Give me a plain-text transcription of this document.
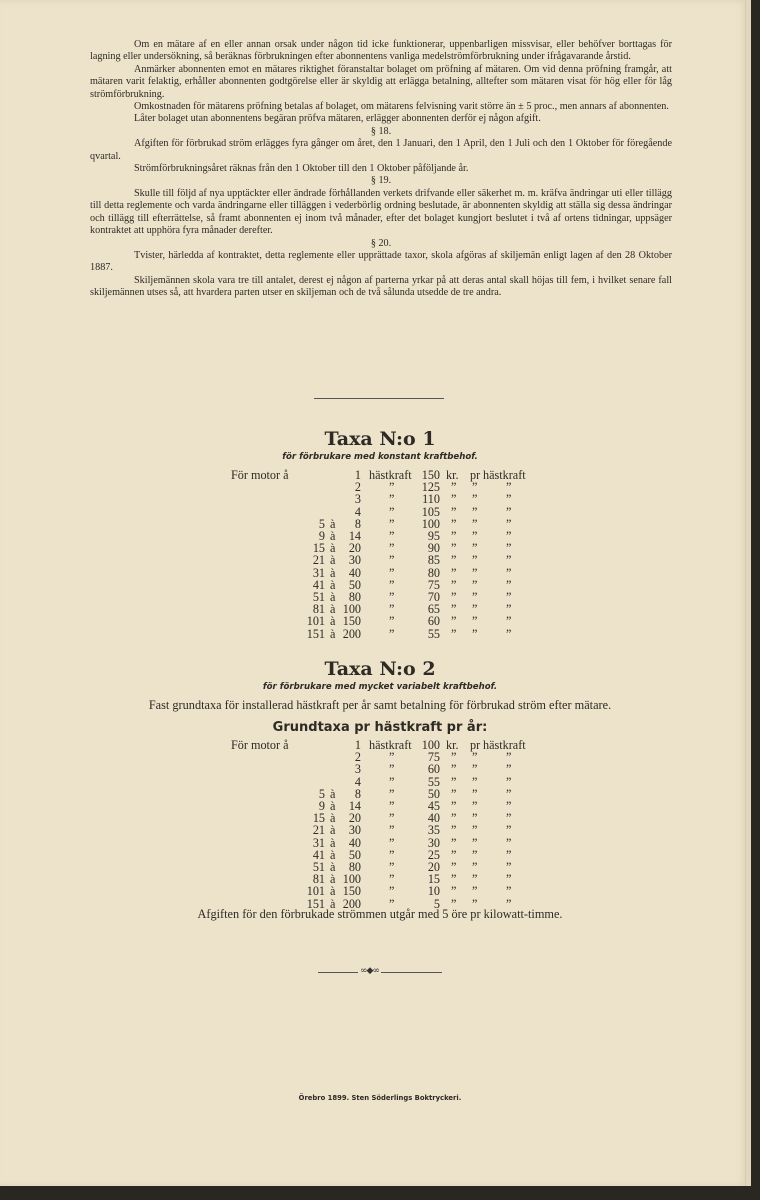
Om en mätare af en eller annan orsak under någon tid icke funktionerar, uppenbarligen missvisar, eller behöfver borttagas för lagning eller undersökning, så beräknas förbrukningen efter abonnentens vanliga medelströmförbrukning under ifrågavarande årstid.

Anmärker abonnenten emot en mätares riktighet föranstaltar bolaget om pröfning af mätaren. Om vid denna pröfning framgår, att mätaren varit felaktig, erhåller abonnenten godtgörelse eller är skyldig att erlägga betalning, alltefter som mätaren visat för hög eller för låg strömförbrukning.

Omkostnaden för mätarens pröfning betalas af bolaget, om mätarens felvisning varit större än ± 5 proc., men annars af abonnenten.

Låter bolaget utan abonnentens begäran pröfva mätaren, erlägger abonnenten derför ej någon afgift.

§ 18.

Afgiften för förbrukad ström erlägges fyra gånger om året, den 1 Januari, den 1 April, den 1 Juli och den 1 Oktober för föregående qvartal.

Strömförbrukningsåret räknas från den 1 Oktober till den 1 Oktober påföljande år.

§ 19.

Skulle till följd af nya upptäckter eller ändrade förhållanden verkets drifvande eller säkerhet m. m. kräfva ändringar uti eller tillägg till detta reglemente och varda ändringarne eller tilläggen i vederbörlig ordning beslutade, är abonnenten skyldig att ställa sig dessa ändringar och tillägg till efterrättelse, så framt abonnenten ej inom två månader, efter det bolaget kungjort beslutet i två af ortens tidningar, uppsäger kontraktet att upphöra fyra månader derefter.

§ 20.

Tvister, härledda af kontraktet, detta reglemente eller upprättade taxor, skola afgöras af skiljemän enligt lagen af den 28 Oktober 1887.

Skiljemännen skola vara tre till antalet, derest ej någon af parterna yrkar på att deras antal skall höjas till fem, i hvilket senare fall skiljemännen utses så, att hvardera parten utser en skiljeman och de två sålunda utsedde de tre andra.

Taxa N:o 1
för förbrukare med konstant kraftbehof.
För motor å	1 hästkraft 150 kr. pr hästkraft
2 ” 125 ” ” ”
3 ” 110 ” ” ”
4 ” 105 ” ” ”
5 à 8 ” 100 ” ” ”
9 à 14 ”	95 ” ” ”
15 à 20 ”	90 ” ” ”
21 à 30 ”	85 ” ” ”
31 à 40 ”	80 ” ” ”
41 à 50 ”	75 ” ” ”
51 à 80 ”	70 ” ” ”
81 à 100 ”	65 ” ” ”
101 à 150 ”	60 ” ” ”
151 à 200 ”	55 ” ” ”
Taxa N:o 2
för förbrukare med mycket variabelt kraftbehof.
Fast grundtaxa för installerad hästkraft per år samt betalning för förbrukad ström efter mätare.
Grundtaxa pr hästkraft pr år:
För motor å	1 hästkraft 100 kr. pr hästkraft
2 ”	75 ” ” ”
3 ”	60 ” ” ”
4 ”	55 ” ” ”
5 à 8 ”	50 ” ” ”
9 à 14 ”	45 ” ” ”
15 à 20 ”	40 ” ” ”
21 à 30 ”	35 ” ” ”
31 à 40 ”	30 ” ” ”
41 à 50 ”	25 ” ” ”
51 à 80 ”	20 ” ” ”
81 à 100 ”	15 ” ” ”
101 à 150 ”	10 ” ” ”
151 à 200 ”	5 ” ” ”
Afgiften för den förbrukade strömmen utgår med 5 öre pr kilowatt-timme.
∞◆∞
Örebro 1899. Sten Söderlings Boktryckeri.
